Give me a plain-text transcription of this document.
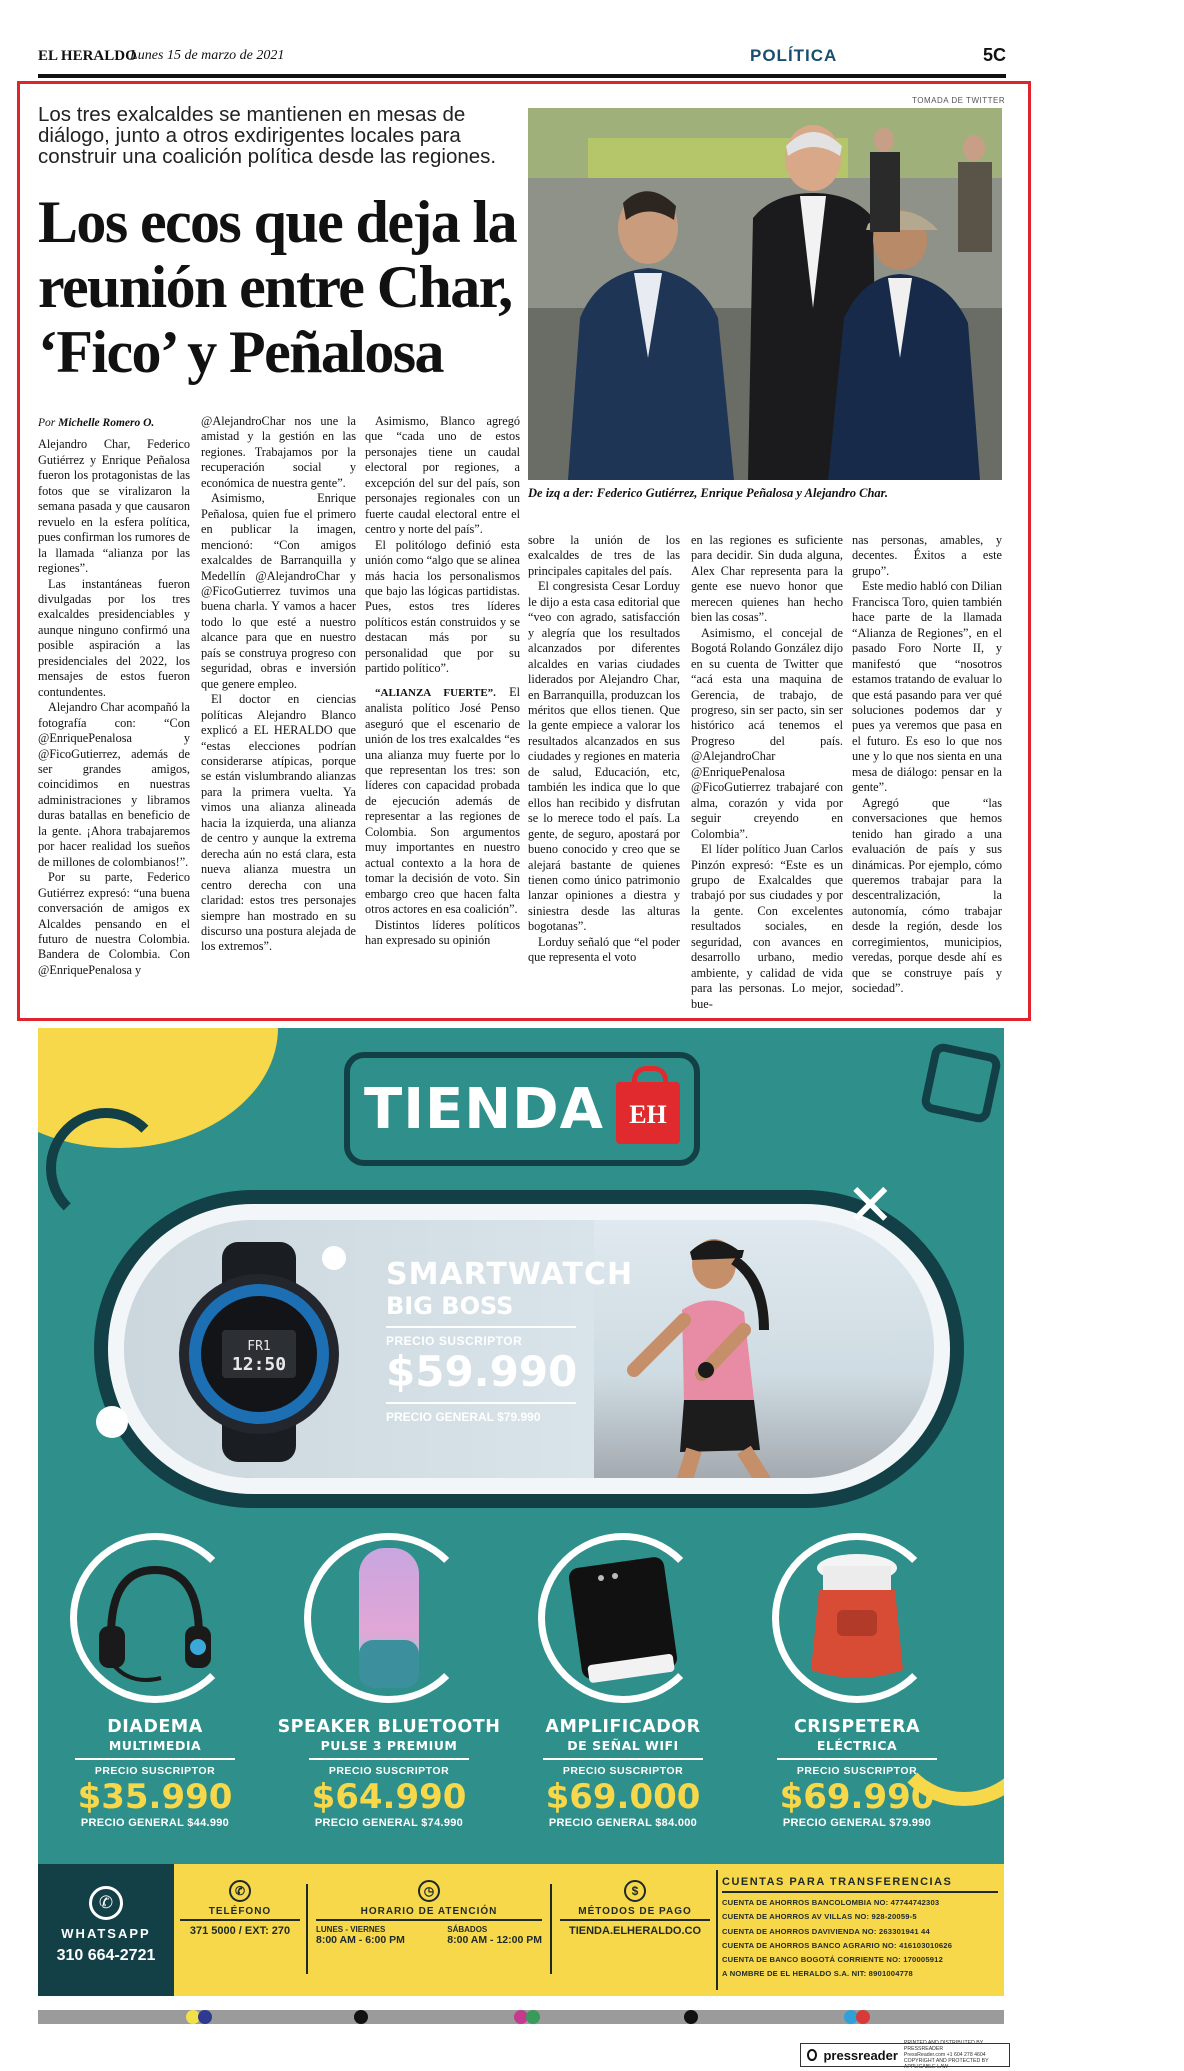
EL HERALDO
Lunes 15 de marzo de 2021	POLÍTICA	5C
Los tres exalcaldes se mantienen en mesas de diálogo, junto a otros exdirigentes locales para construir una coalición política desde las regiones.
Los ecos que deja la reunión entre Char, ‘Fico’ y Peñalosa
TOMADA DE TWITTER
De izq a der: Federico Gutiérrez, Enrique Peñalosa y Alejandro Char.
Por Michelle Romero O.

Alejandro Char, Federico Gutiérrez y Enrique Peñalosa fueron los protagonistas de las fotos que se viralizaron la semana pasada y que causaron revuelo en la esfera política, pues confirman los rumores de la llamada “alianza por las regiones”.

Las instantáneas fueron divulgadas por los tres exalcaldes presidenciables y aunque ninguno confirmó una posible aspiración a las presidenciales del 2022, los mensajes de estos fueron contundentes.

Alejandro Char acompañó la fotografía con: “Con @EnriquePenalosa y @FicoGutierrez, además de ser grandes amigos, coincidimos en nuestras administraciones y libramos duras batallas en beneficio de la gente. ¡Ahora trabajaremos por hacer realidad los sueños de millones de colombianos!”.

Por su parte, Federico Gutiérrez expresó: “una buena conversación de amigos ex Alcaldes pensando en el futuro de nuestra Colombia. Bandera de Colombia. Con @EnriquePenalosa y

@AlejandroChar nos une la amistad y la gestión en las regiones. Trabajamos por la recuperación social y económica de nuestra gente”.

Asimismo, Enrique Peñalosa, quien fue el primero en publicar la imagen, mencionó: “Con amigos exalcaldes de Barranquilla y Medellín @AlejandroChar y @FicoGutierrez tuvimos una buena charla. Y vamos a hacer todo lo que esté a nuestro alcance para que en nuestro país se construya progreso con seguridad, obras e inversión que genere empleo.

El doctor en ciencias políticas Alejandro Blanco explicó a EL HERALDO que “estas elecciones podrían considerarse atípicas, porque se están vislumbrando alianzas para la primera vuelta. Ya vimos una alianza alineada hacia la izquierda, una alianza de centro y aunque la extrema derecha aún no está clara, esta nueva alianza muestra un centro derecha con una claridad: estos tres personajes siempre han mostrado en su discurso una postura alejada de los extremos”.

Asimismo, Blanco agregó que “cada uno de estos personajes tiene un caudal electoral por regiones, a excepción del sur del país, son personajes regionales con un fuerte caudal electoral entre el centro y norte del país”.

El politólogo definió esta unión como “algo que se alinea más hacia los personalismos que bajo las lógicas partidistas. Pues, estos tres líderes políticos están construidos y se destacan más por su personalidad que por su partido político”.

“ALIANZA FUERTE”. El analista político José Penso aseguró que el escenario de unión de los tres exalcaldes “es una alianza muy fuerte por lo que representan los tres: son líderes con capacidad probada de ejecución además de representar a las regiones de Colombia. Son argumentos muy importantes en nuestro actual contexto a la hora de tomar la decisión de voto. Sin embargo creo que hacen falta otros actores en esa coalición”.

Distintos líderes políticos han expresado su opinión

sobre la unión de los exalcaldes de tres de las principales capitales del país.

El congresista Cesar Lorduy le dijo a esta casa editorial que “veo con agrado, satisfacción y alegría que los resultados alcanzados por diferentes alcaldes en varias ciudades liderados por Alejandro Char, en Barranquilla, produzcan los méritos que ellos tienen. Que la gente empiece a valorar los resultados alcanzados en sus ciudades y regiones en materia de salud, Educación, etc, también les indica que lo que ellos han recibido y disfrutan se lo merece todo el país. La gente, de seguro, apostará por bueno conocido y creo que se alejará bastante de quienes tienen como único patrimonio lanzar opiniones a diestra y siniestra desde las alturas bogotanas”.

Lorduy señaló que “el poder que representa el voto

en las regiones es suficiente para decidir. Sin duda alguna, Alex Char representa para la gente ese nuevo honor que merecen quienes han hecho bien las cosas”.

Asimismo, el concejal de Bogotá Rolando González dijo en su cuenta de Twitter que “acá esta una maquina de Gerencia, de trabajo, de progreso, sin ser pacto, sin ser histórico acá tenemos el Progreso del país. @AlejandroChar @EnriquePenalosa @FicoGutierrez trabajaré con alma, corazón y vida por seguir creyendo en Colombia”.

El líder político Juan Carlos Pinzón expresó: “Este es un grupo de Exalcaldes que trabajó por sus ciudades y por la gente. Con excelentes resultados sociales, en seguridad, con avances en desarrollo urbano, medio ambiente, y calidad de vida para las personas. Lo mejor, bue-

nas personas, amables, y decentes. Éxitos a este grupo”.

Este medio habló con Dilian Francisca Toro, quien también hace parte de la llamada “Alianza de Regiones”, en el pasado Foro Norte II, y manifestó que “nosotros estamos tratando de evaluar lo que está pasando para ver qué soluciones podemos dar y pues ya veremos que pasa en el futuro. Es eso lo que nos une y lo que nos sienta en una mesa de diálogo: pensar en la gente”.

Agregó que “las conversaciones que hemos tenido han girado a una evaluación de país y sus dinámicas. Por ejemplo, cómo queremos trabajar para la descentralización, la autonomía, cómo trabajar desde la región, desde los corregimientos, municipios, veredas, porque desde ahí es que se construye país y sociedad”.

TIENDA EH
FR1
12:50
✕
SMARTWATCH
BIG BOSS
PRECIO SUSCRIPTOR
$59.990
PRECIO GENERAL $79.990
DIADEMA
MULTIMEDIA
PRECIO SUSCRIPTOR
$35.990
PRECIO GENERAL $44.990
SPEAKER BLUETOOTH
PULSE 3 PREMIUM
PRECIO SUSCRIPTOR
$64.990
PRECIO GENERAL $74.990
AMPLIFICADOR
DE SEÑAL WIFI
PRECIO SUSCRIPTOR
$69.000
PRECIO GENERAL $84.000
CRISPETERA
ELÉCTRICA
PRECIO SUSCRIPTOR
$69.990
PRECIO GENERAL $79.990
✆
WHATSAPP
310 664-2721
✆
TELÉFONO
371 5000 / EXT: 270
◷
HORARIO DE ATENCIÓN
LUNES - VIERNES
8:00 AM - 6:00 PM
SÁBADOS
8:00 AM - 12:00 PM
$
MÉTODOS DE PAGO
TIENDA.ELHERALDO.CO
CUENTAS PARA TRANSFERENCIAS
CUENTA DE AHORROS BANCOLOMBIA NO: 47744742303
CUENTA DE AHORROS AV VILLAS NO: 928-20059-5
CUENTA DE AHORROS DAVIVIENDA NO: 263301941 44
CUENTA DE AHORROS BANCO AGRARIO NO: 416103010626
CUENTA DE BANCO BOGOTÁ CORRIENTE NO: 170005912
A NOMBRE DE EL HERALDO S.A. NIT: 8901004778
pressreader
PRINTED AND DISTRIBUTED BY PRESSREADER
PressReader.com +1 604 278 4604
COPYRIGHT AND PROTECTED BY APPLICABLE LAW
